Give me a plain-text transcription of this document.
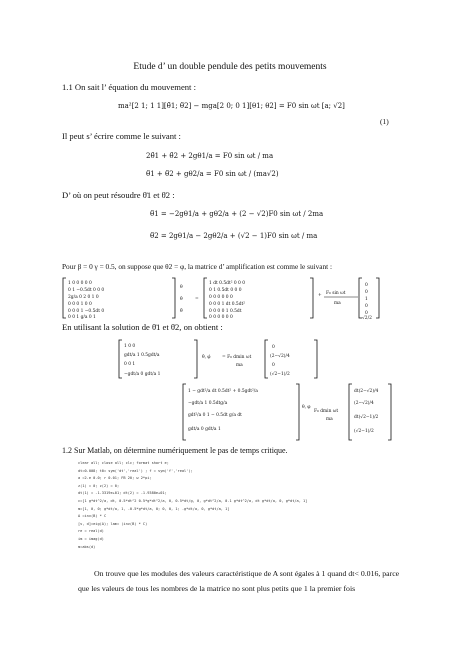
Etude d’ un double pendule des petits mouvements
1.1 On sait l’ équation du mouvement :
ma²[2 1; 1 1][θ̈1; θ̈2] − mga[2 0; 0 1][θ1; θ2] = F0 sin ωt [a; √2]
(1)
Il peut s’ écrire comme le suivant :
2θ̈1 + θ̈2 + 2gθ1/a = F0 sin ωt / ma
θ̈1 + θ̈2 + gθ2/a = F0 sin ωt / (ma√2)
D’ où on peut résoudre θ̈1 et θ̈2 :
θ̈1 = −2gθ1/a + gθ2/a + (2 − √2)F0 sin ωt / 2ma
θ̈2 = 2gθ1/a − 2gθ2/a + (√2 − 1)F0 sin ωt / ma
Pour β = 0 γ = 0.5, on suppose que θ2 = φ, la matrice d’ amplification est comme le suivant :
1 0 0 0 0 0
0 1 −0.5dt 0 0 0
2g/a 0 2 0 1 0
0 0 0 1 0 0
0 0 0 1 −0.5dt 0
0 0 1 g/a 0 1
θ
θ̇
θ̈
=
1 dt 0.5dt² 0 0 0
0 1 0.5dt 0 0 0
0 0 0 0 0 0
0 0 0 1 dt 0.5dt²
0 0 0 0 1 0.5dt
0 0 0 0 0 0
+ F₀ sin ωt
ma
0
0
1
0
0
√2/2
En utilisant la solution de θ̈1 et θ̈2, on obtient :
1 0 0
gdt/a 1 0.5gdt/a
0 0 1
−gdt/a 0 gdt/a 1
θ̇, φ̇	= F₀ dmin ωt
ma
0
(2−√2)/4
0
(√2−1)/2
1 − gdt²/a dt 0.5dt² + 0.5gdt²/a
−gdt/a 1 0.5dtg/a
gdt²/a 0 1 − 0.5dt g/a dt
gdt/a 0 gdt/a 1
θ, φ
F₀ dmin ωt
ma
dt(2−√2)/4
(2−√2)/4
dt(√2−1)/2
(√2−1)/2
1.2 Sur Matlab, on détermine numériquement le pas de temps critique.
clear all; close all; clc; format short e;
dt=0.008; t0= sym('dt','real') ; f = sym('f','real');
a =2.e 0.0; r 0.01; FB 20; w 2*pi;
z(1) = 0; z(2) = 0;
dt(1) = -1.3319e+01; dt(2) = -1.9380e+01;
c=[1 g*dt^2/a, dt, 0.5*dt^2 0.5*g*dt^2/a, 0, 0.5*dt/g, 0, g*dt^2/a, 0.1 g*dt^2/a, dt g*dt/a, 0, g*dt/a, 1]
m=[1, 0, 0; g*dt/a, 1, -0.5*g*dt/a, 0; 0, 0, 1; -g*dt/a, 0, g*dt/a, 1]
A =inv(B) * C
[v, d]=eig(A); lam= (inv(B) * C)
re = real(d)
im = imag(d)
m=abs(d)
On trouve que les modules des valeurs caractéristique de A sont égales à 1 quand dt< 0.016, parce que les valeurs de tous les nombres de la matrice no sont plus petits que 1 la premier fois
